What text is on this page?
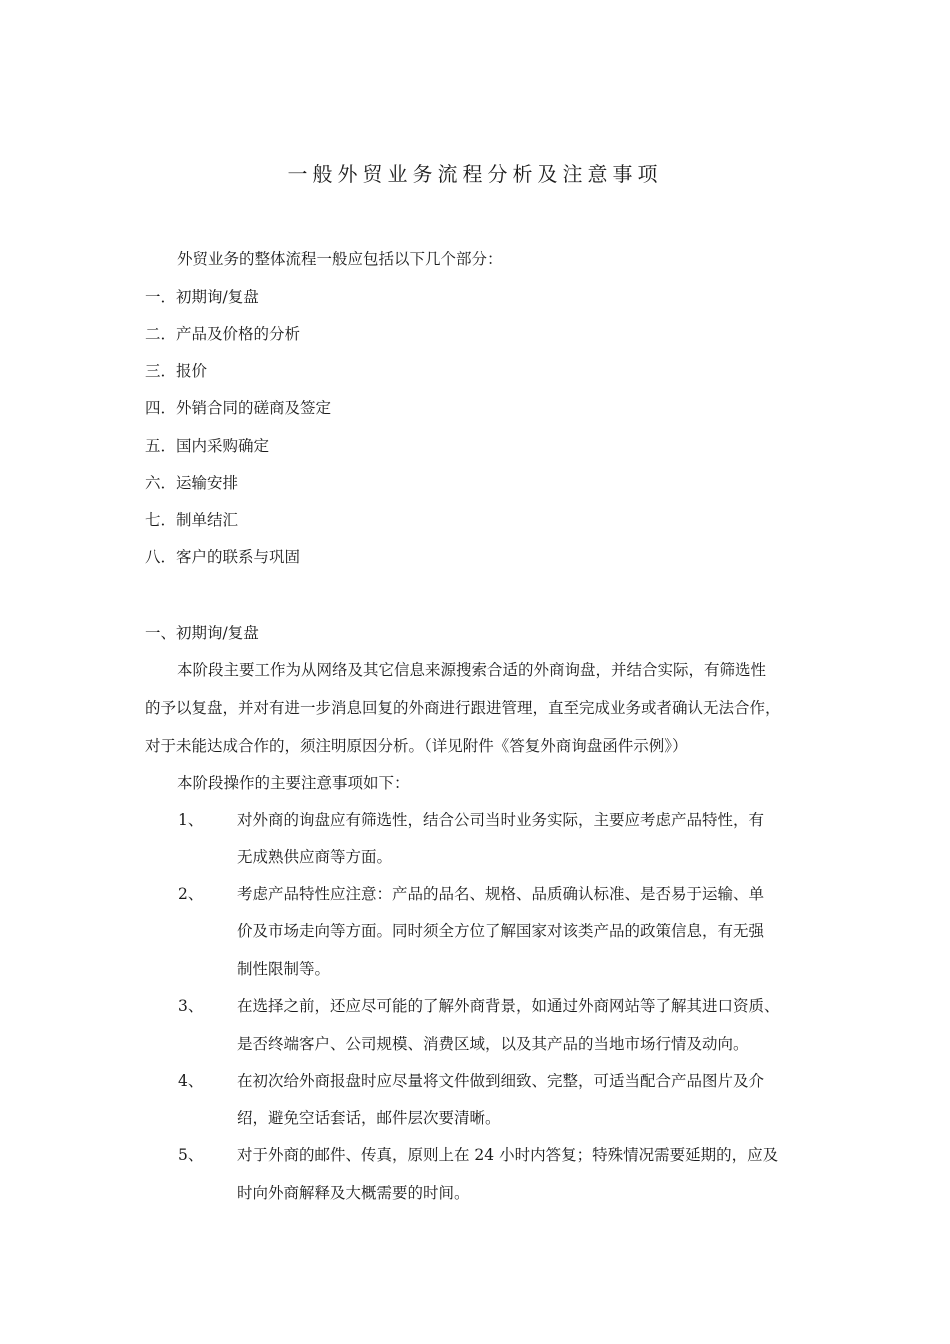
一般外贸业务流程分析及注意事项
外贸业务的整体流程一般应包括以下几个部分：
一．初期询/复盘
二．产品及价格的分析
三．报价
四．外销合同的磋商及签定
五．国内采购确定
六．运输安排
七．制单结汇
八．客户的联系与巩固
一、初期询/复盘
本阶段主要工作为从网络及其它信息来源搜索合适的外商询盘，并结合实际，有筛选性
的予以复盘，并对有进一步消息回复的外商进行跟进管理，直至完成业务或者确认无法合作，
对于未能达成合作的，须注明原因分析。（详见附件《答复外商询盘函件示例》）
本阶段操作的主要注意事项如下：
1、 对外商的询盘应有筛选性，结合公司当时业务实际，主要应考虑产品特性，有
无成熟供应商等方面。
2、 考虑产品特性应注意：产品的品名、规格、品质确认标准、是否易于运输、单
价及市场走向等方面。同时须全方位了解国家对该类产品的政策信息，有无强
制性限制等。
3、 在选择之前，还应尽可能的了解外商背景，如通过外商网站等了解其进口资质、
是否终端客户、公司规模、消费区域，以及其产品的当地市场行情及动向。
4、 在初次给外商报盘时应尽量将文件做到细致、完整，可适当配合产品图片及介
绍，避免空话套话，邮件层次要清晰。
5、 对于外商的邮件、传真，原则上在 24 小时内答复；特殊情况需要延期的，应及
时向外商解释及大概需要的时间。
